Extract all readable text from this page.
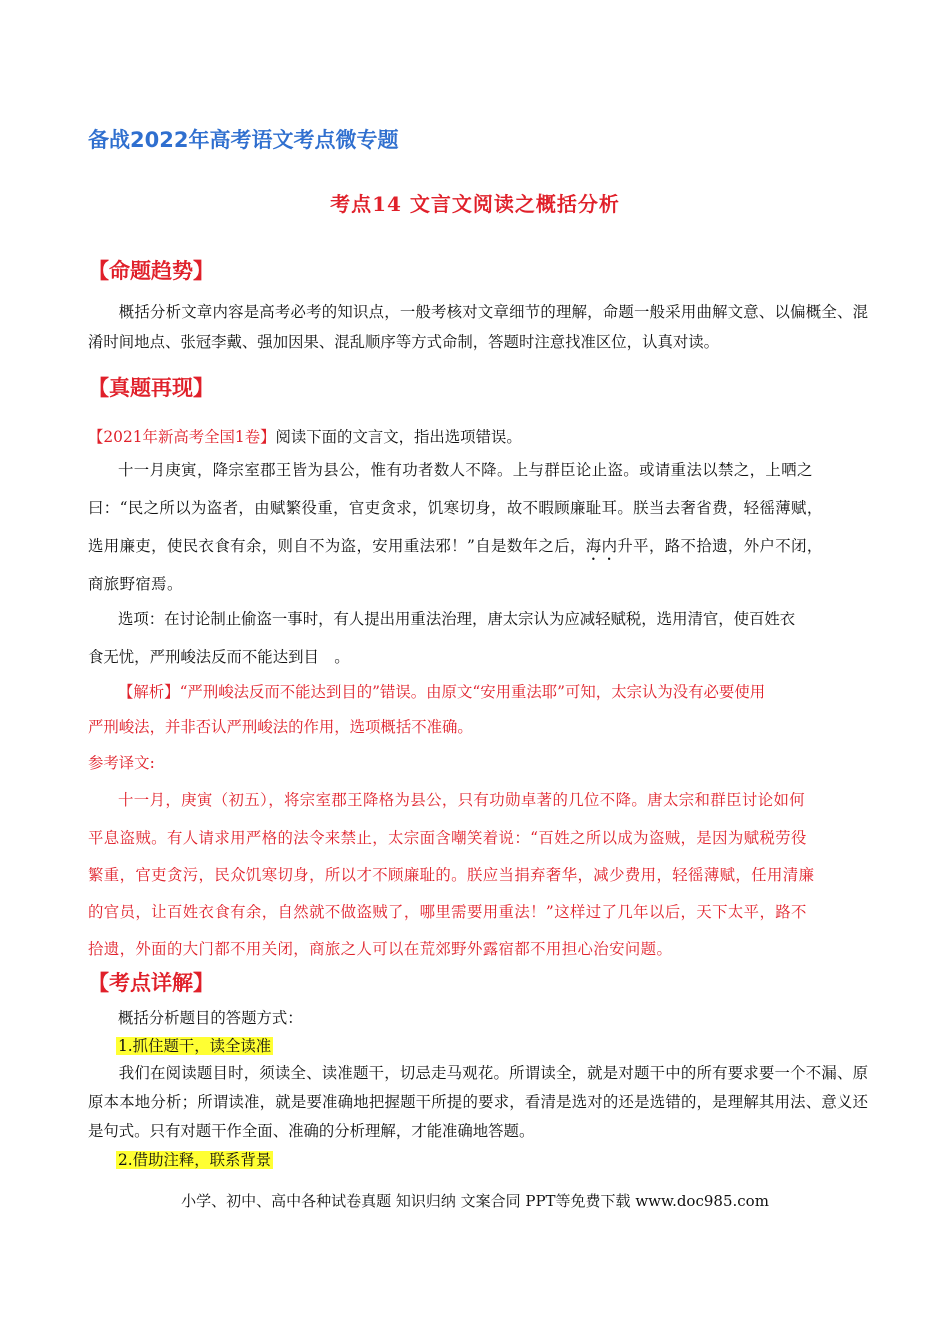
备战2022年高考语文考点微专题
考点14 文言文阅读之概括分析
【命题趋势】

概括分析文章内容是高考必考的知识点，一般考核对文章细节的理解，命题一般采用曲解文意、以偏概全、混淆时间地点、张冠李戴、强加因果、混乱顺序等方式命制，答题时注意找准区位，认真对读。

【真题再现】
【2021年新高考全国1卷】阅读下面的文言文，指出选项错误。
十一月庚寅，降宗室郡王皆为县公，惟有功者数人不降。上与群臣论止盗。或请重法以禁之，上哂之
曰：“民之所以为盗者，由赋繁役重，官吏贪求，饥寒切身，故不暇顾廉耻耳。朕当去奢省费，轻徭薄赋，
选用廉吏，使民衣食有余，则自不为盗，安用重法邪！”自是数年之后，海内升平，路不拾遗，外户不闭，
商旅野宿焉。
选项：在讨论制止偷盗一事时，有人提出用重法治理，唐太宗认为应减轻赋税，选用清官，使百姓衣
食无忧，严刑峻法反而不能达到目　。
【解析】“严刑峻法反而不能达到目的”错误。由原文“安用重法耶”可知，太宗认为没有必要使用
严刑峻法，并非否认严刑峻法的作用，选项概括不准确。
参考译文:
十一月，庚寅（初五），将宗室郡王降格为县公，只有功勋卓著的几位不降。唐太宗和群臣讨论如何
平息盗贼。有人请求用严格的法令来禁止，太宗面含嘲笑着说：“百姓之所以成为盗贼，是因为赋税劳役
繁重，官吏贪污，民众饥寒切身，所以才不顾廉耻的。朕应当捐弃奢华，减少费用，轻徭薄赋，任用清廉
的官员，让百姓衣食有余，自然就不做盗贼了，哪里需要用重法！”这样过了几年以后，天下太平，路不
拾遗，外面的大门都不用关闭，商旅之人可以在荒郊野外露宿都不用担心治安问题。
【考点详解】
概括分析题目的答题方式：
1.抓住题干，读全读准

我们在阅读题目时，须读全、读准题干，切忌走马观花。所谓读全，就是对题干中的所有要求要一个不漏、原原本本地分析；所谓读准，就是要准确地把握题干所提的要求，看清是选对的还是选错的，是理解其用法、意义还是句式。只有对题干作全面、准确的分析理解，才能准确地答题。

2.借助注释，联系背景
小学、初中、高中各种试卷真题 知识归纳 文案合同 PPT等免费下载 www.doc985.com
